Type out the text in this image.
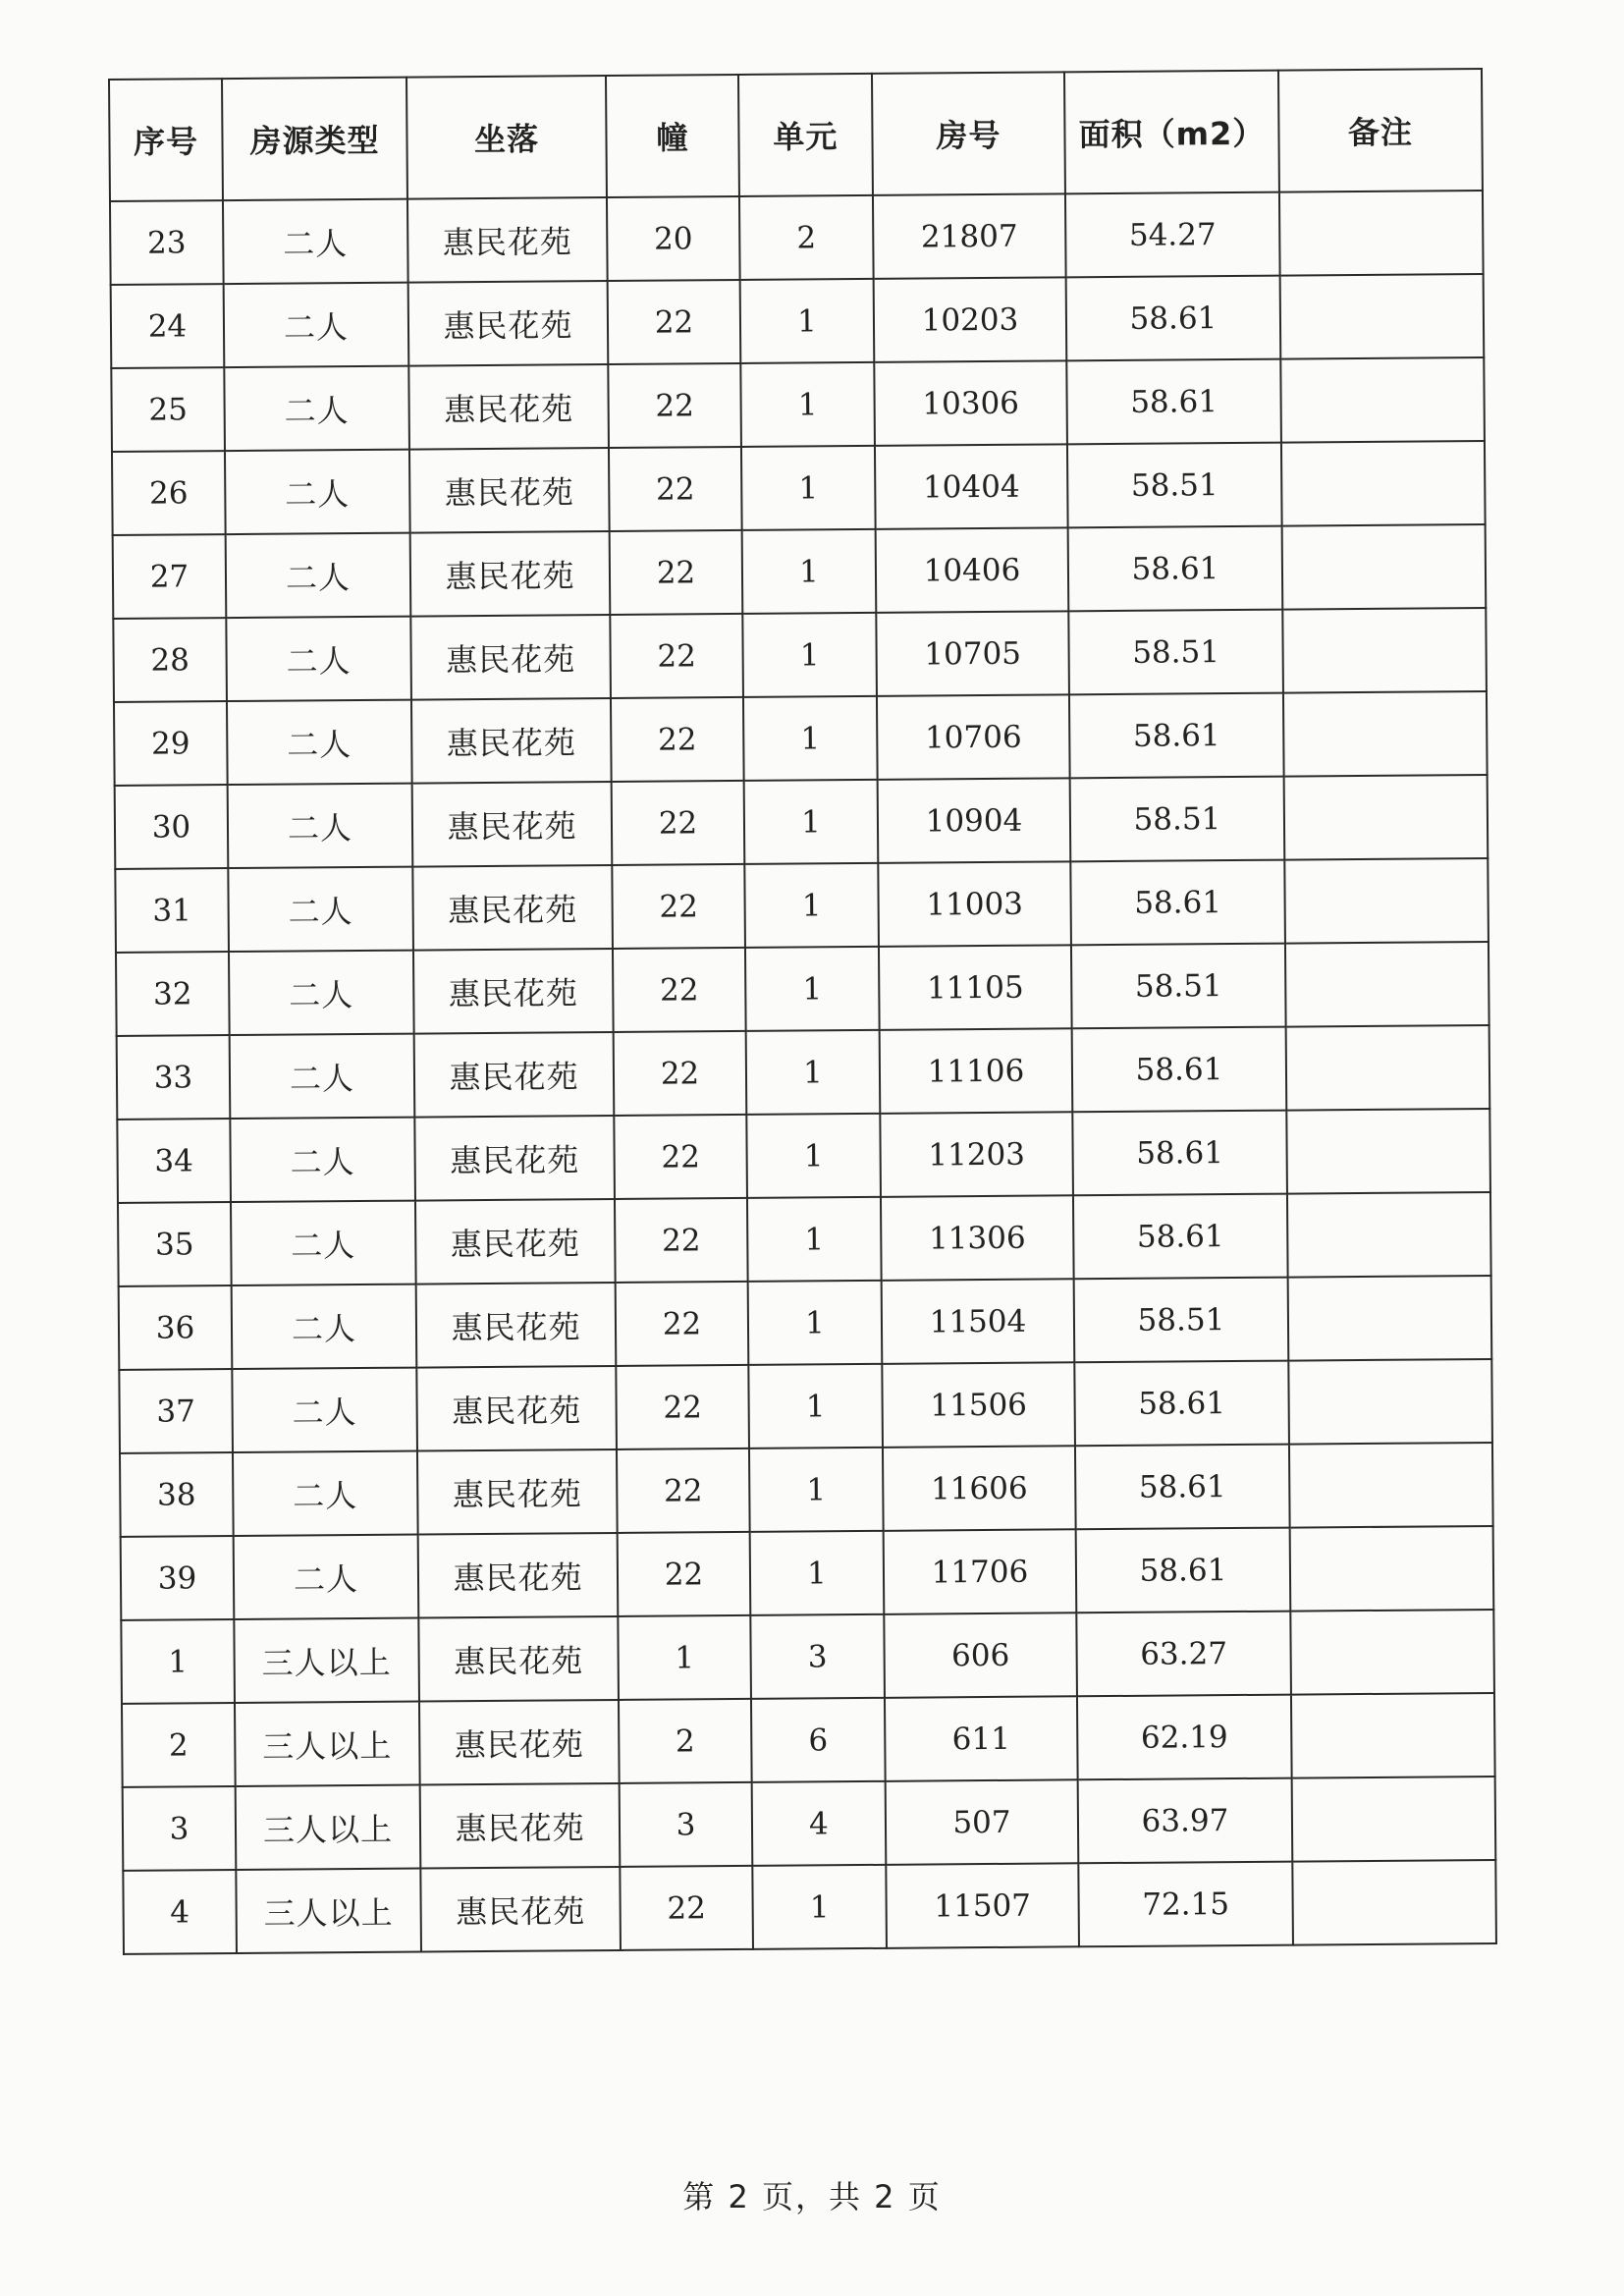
序号	房源类型	坐落	幢	单元	房号	面积（m2）	备注
23	二人	惠民花苑	20	2	21807	54.27	
24	二人	惠民花苑	22	1	10203	58.61	
25	二人	惠民花苑	22	1	10306	58.61	
26	二人	惠民花苑	22	1	10404	58.51	
27	二人	惠民花苑	22	1	10406	58.61	
28	二人	惠民花苑	22	1	10705	58.51	
29	二人	惠民花苑	22	1	10706	58.61	
30	二人	惠民花苑	22	1	10904	58.51	
31	二人	惠民花苑	22	1	11003	58.61	
32	二人	惠民花苑	22	1	11105	58.51	
33	二人	惠民花苑	22	1	11106	58.61	
34	二人	惠民花苑	22	1	11203	58.61	
35	二人	惠民花苑	22	1	11306	58.61	
36	二人	惠民花苑	22	1	11504	58.51	
37	二人	惠民花苑	22	1	11506	58.61	
38	二人	惠民花苑	22	1	11606	58.61	
39	二人	惠民花苑	22	1	11706	58.61	
1	三人以上	惠民花苑	1	3	606	63.27	
2	三人以上	惠民花苑	2	6	611	62.19	
3	三人以上	惠民花苑	3	4	507	63.97	
4	三人以上	惠民花苑	22	1	11507	72.15	
第 2 页，共 2 页
